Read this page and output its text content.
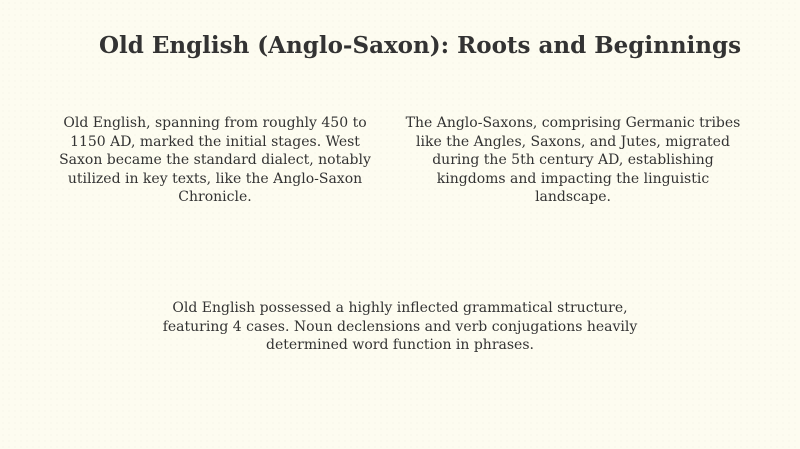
Old English (Anglo-Saxon): Roots and Beginnings
Old English, spanning from roughly 450 to 1150 AD, marked the initial stages. West Saxon became the standard dialect, notably utilized in key texts, like the Anglo-Saxon Chronicle.
The Anglo-Saxons, comprising Germanic tribes like the Angles, Saxons, and Jutes, migrated during the 5th century AD, establishing kingdoms and impacting the linguistic landscape.
Old English possessed a highly inflected grammatical structure, featuring 4 cases. Noun declensions and verb conjugations heavily determined word function in phrases.
